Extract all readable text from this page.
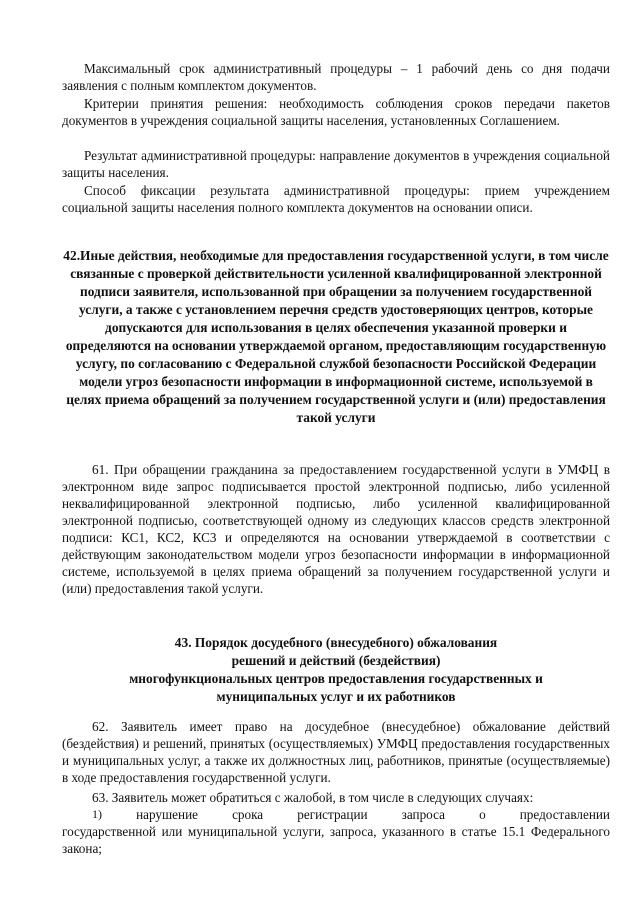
Максимальный срок административный процедуры – 1 рабочий день со дня подачи заявления с полным комплектом документов.

Критерии принятия решения: необходимость соблюдения сроков передачи пакетов документов в учреждения социальной защиты населения, установленных Соглашением.

Результат административной процедуры: направление документов в учреждения социальной защиты населения.

Способ фиксации результата административной процедуры: прием учреждением социальной защиты населения полного комплекта документов на основании описи.

42.Иные действия, необходимые для предоставления государственной услуги, в том числе связанные с проверкой действительности усиленной квалифицированной электронной подписи заявителя, использованной при обращении за получением государственной услуги, а также с установлением перечня средств удостоверяющих центров, которые допускаются для использования в целях обеспечения указанной проверки и определяются на основании утверждаемой органом, предоставляющим государственную услугу, по согласованию с Федеральной службой безопасности Российской Федерации модели угроз безопасности информации в информационной системе, используемой в целях приема обращений за получением государственной услуги и (или) предоставления такой услуги

61. При обращении гражданина за предоставлением государственной услуги в УМФЦ в электронном виде запрос подписывается простой электронной подписью, либо усиленной неквалифицированной электронной подписью, либо усиленной квалифицированной электронной подписью, соответствующей одному из следующих классов средств электронной подписи: КС1, КС2, КС3 и определяются на основании утверждаемой в соответствии с действующим законодательством модели угроз безопасности информации в информационной системе, используемой в целях приема обращений за получением государственной услуги и (или) предоставления такой услуги.

43. Порядок досудебного (внесудебного) обжалования
решений и действий (бездействия)
многофункциональных центров предоставления государственных и
муниципальных услуг и их работников

62. Заявитель имеет право на досудебное (внесудебное) обжалование действий (бездействия) и решений, принятых (осуществляемых) УМФЦ предоставления государственных и муниципальных услуг, а также их должностных лиц, работников, принятые (осуществляемые) в ходе предоставления государственной услуги.

63. Заявитель может обратиться с жалобой, в том числе в следующих случаях:

1)	нарушение	срока	регистрации	запроса	о	предоставлении

государственной или муниципальной услуги, запроса, указанного в статье 15.1 Федерального закона;
